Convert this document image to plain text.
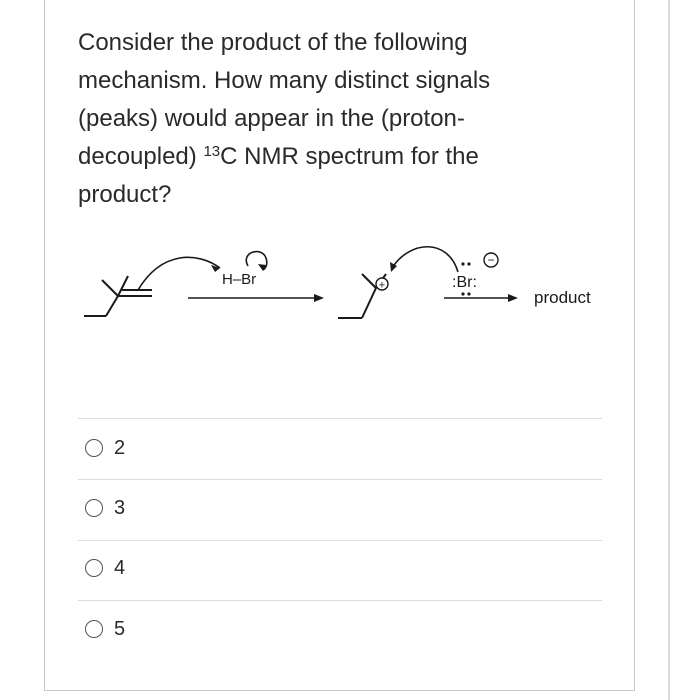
Consider the product of the following mechanism. How many distinct signals (peaks) would appear in the (proton-decoupled) $^{13}$C NMR spectrum for the product?

H–Br	+	:Br:
−
product
2
3
4
5
